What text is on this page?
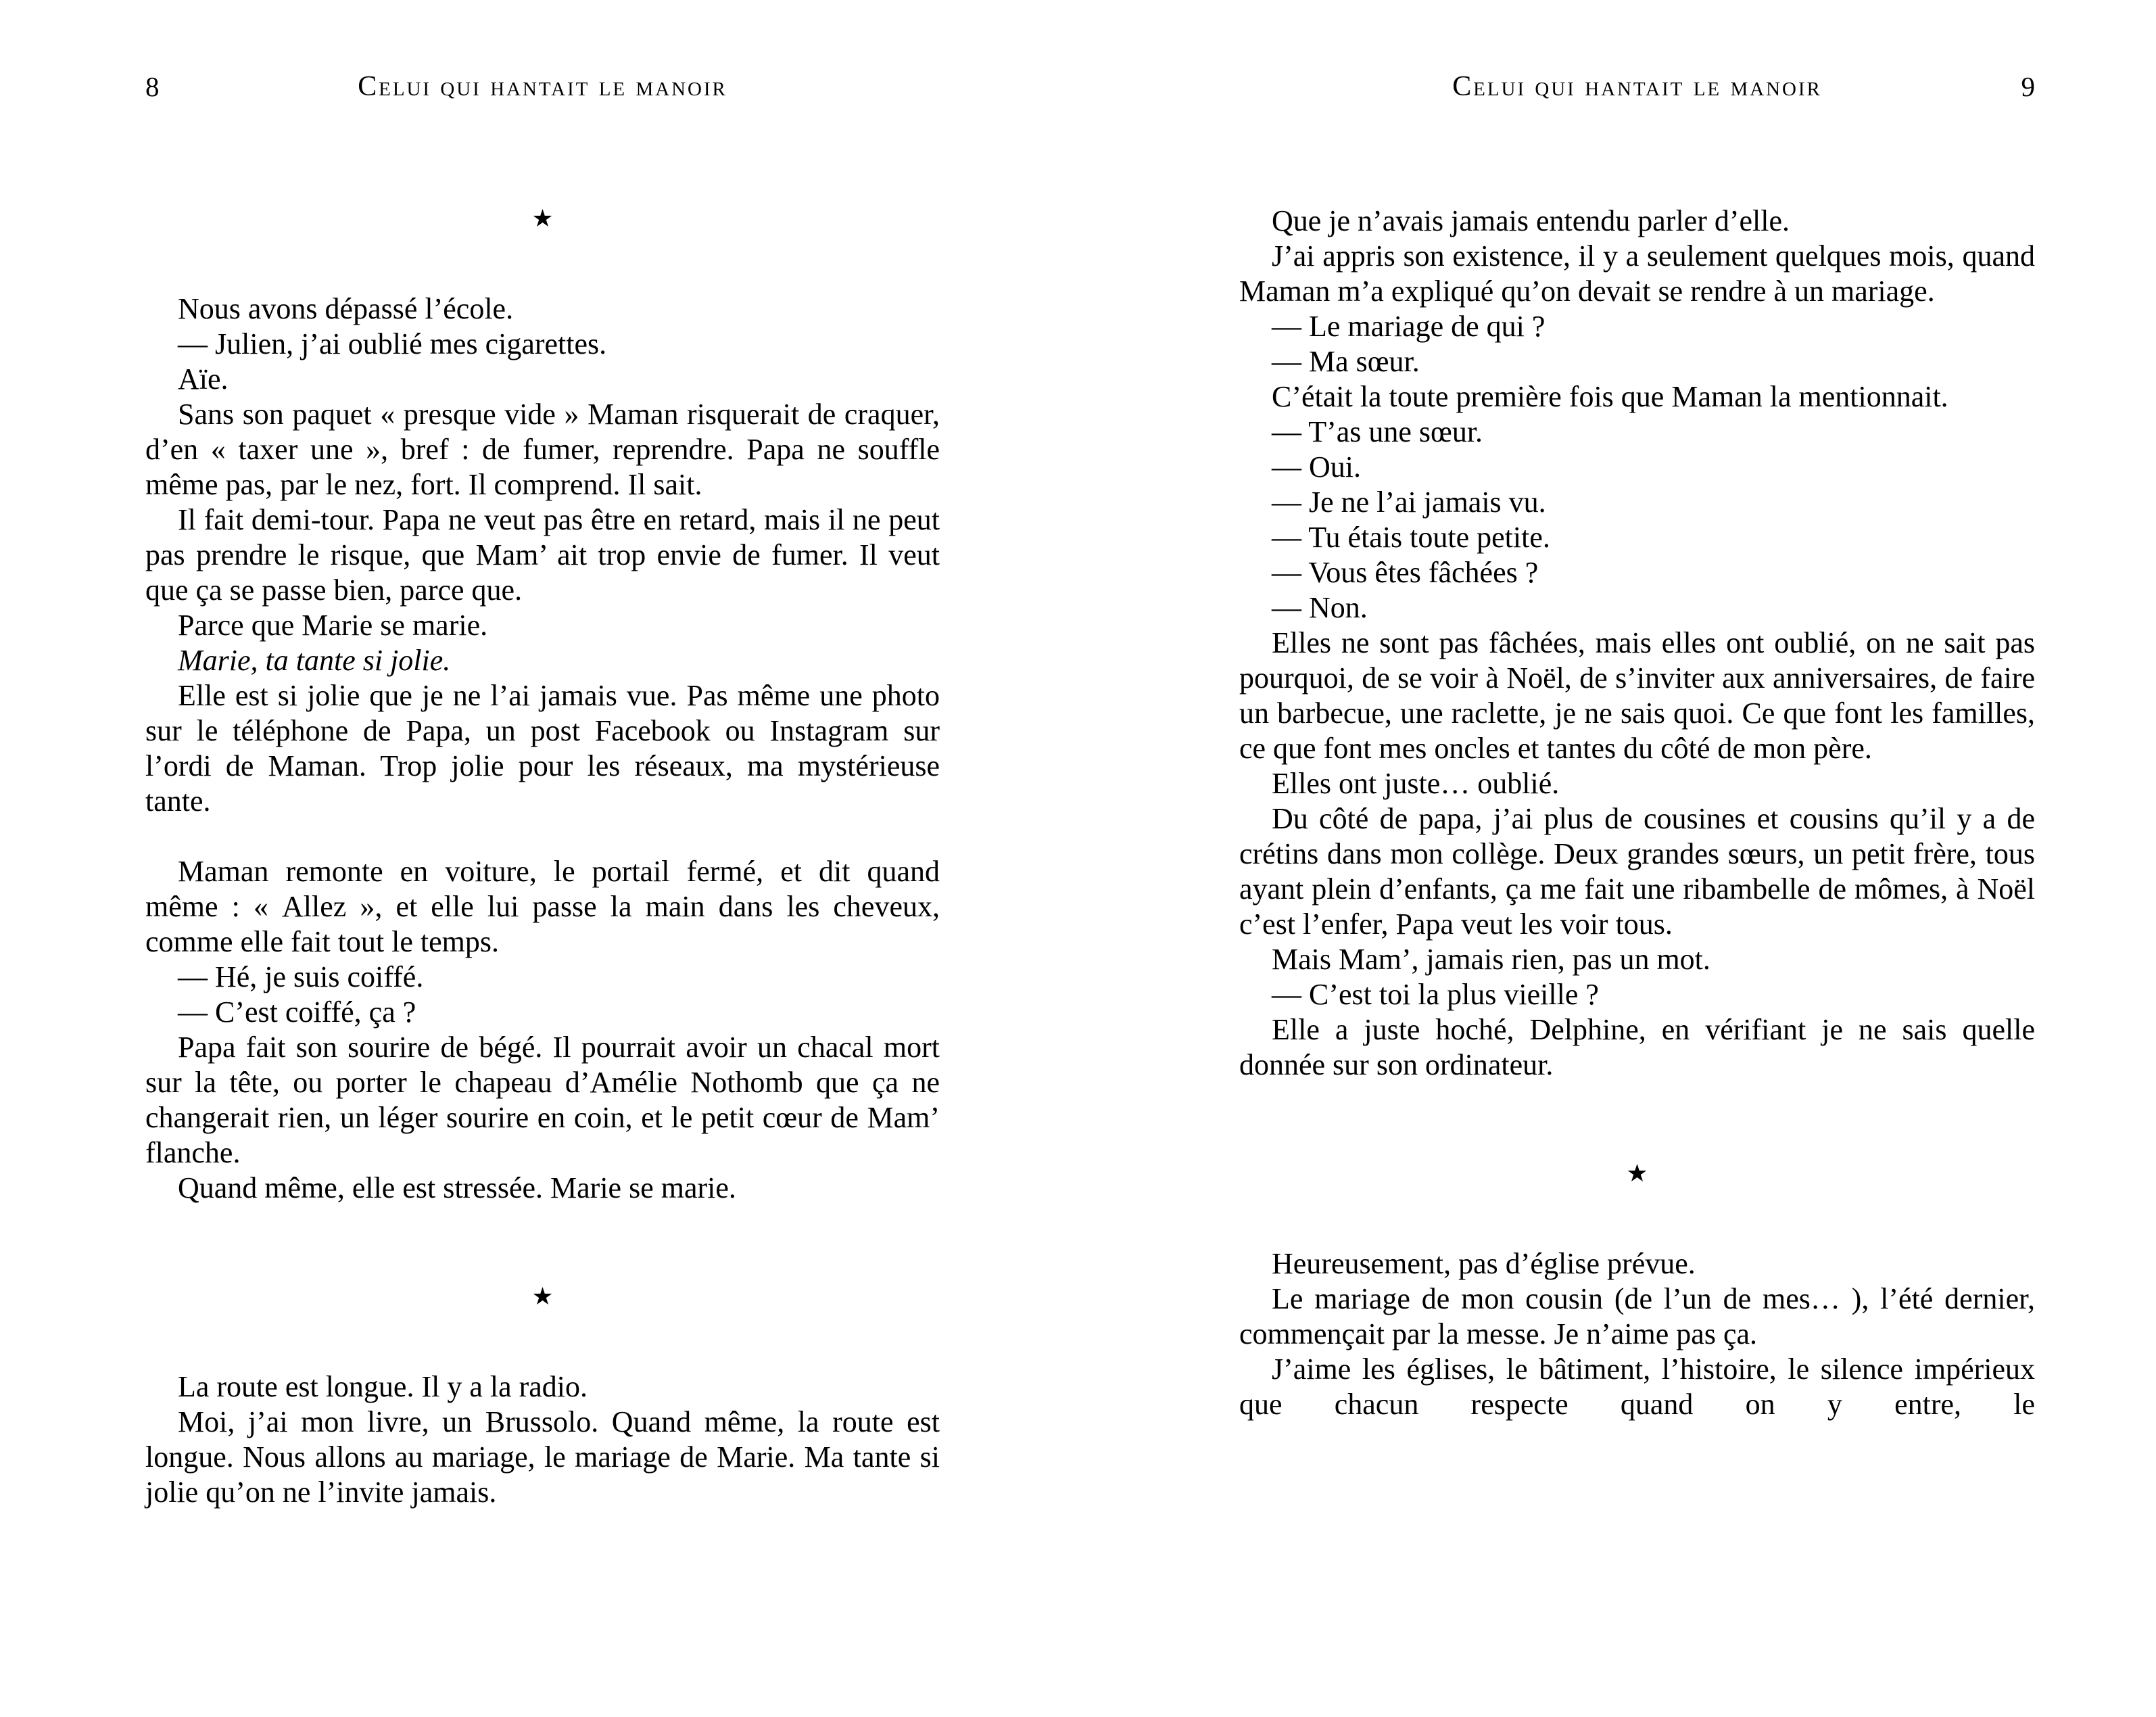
8	Celui qui hantait le manoir
★

Nous avons dépassé l’école.

— Julien, j’ai oublié mes cigarettes.

Aïe.

Sans son paquet « presque vide » Maman risquerait de craquer, d’en « taxer une », bref : de fumer, reprendre. Papa ne souffle même pas, par le nez, fort. Il comprend. Il sait.

Il fait demi-tour. Papa ne veut pas être en retard, mais il ne peut pas prendre le risque, que Mam’ ait trop envie de fumer. Il veut que ça se passe bien, parce que.

Parce que Marie se marie.

Marie, ta tante si jolie.

Elle est si jolie que je ne l’ai jamais vue. Pas même une photo sur le téléphone de Papa, un post Facebook ou Instagram sur l’ordi de Maman. Trop jolie pour les réseaux, ma mystérieuse tante.

Maman remonte en voiture, le portail fermé, et dit quand même : « Allez », et elle lui passe la main dans les cheveux, comme elle fait tout le temps.

— Hé, je suis coiffé.

— C’est coiffé, ça ?

Papa fait son sourire de bégé. Il pourrait avoir un chacal mort sur la tête, ou porter le chapeau d’Amélie Nothomb que ça ne changerait rien, un léger sourire en coin, et le petit cœur de Mam’ flanche.

Quand même, elle est stressée. Marie se marie.

★

La route est longue. Il y a la radio.

Moi, j’ai mon livre, un Brussolo. Quand même, la route est longue. Nous allons au mariage, le mariage de Marie. Ma tante si jolie qu’on ne l’invite jamais.

Celui qui hantait le manoir	9

Que je n’avais jamais entendu parler d’elle.

J’ai appris son existence, il y a seulement quelques mois, quand Maman m’a expliqué qu’on devait se rendre à un mariage.

— Le mariage de qui ?

— Ma sœur.

C’était la toute première fois que Maman la mentionnait.

— T’as une sœur.

— Oui.

— Je ne l’ai jamais vu.

— Tu étais toute petite.

— Vous êtes fâchées ?

— Non.

Elles ne sont pas fâchées, mais elles ont oublié, on ne sait pas pourquoi, de se voir à Noël, de s’inviter aux anniversaires, de faire un barbecue, une raclette, je ne sais quoi. Ce que font les familles, ce que font mes oncles et tantes du côté de mon père.

Elles ont juste… oublié.

Du côté de papa, j’ai plus de cousines et cousins qu’il y a de crétins dans mon collège. Deux grandes sœurs, un petit frère, tous ayant plein d’enfants, ça me fait une ribambelle de mômes, à Noël c’est l’enfer, Papa veut les voir tous.

Mais Mam’, jamais rien, pas un mot.

— C’est toi la plus vieille ?

Elle a juste hoché, Delphine, en vérifiant je ne sais quelle donnée sur son ordinateur.

★

Heureusement, pas d’église prévue.

Le mariage de mon cousin (de l’un de mes… ), l’été dernier, commençait par la messe. Je n’aime pas ça.

J’aime les églises, le bâtiment, l’histoire, le silence impérieux que chacun respecte quand on y entre, le
